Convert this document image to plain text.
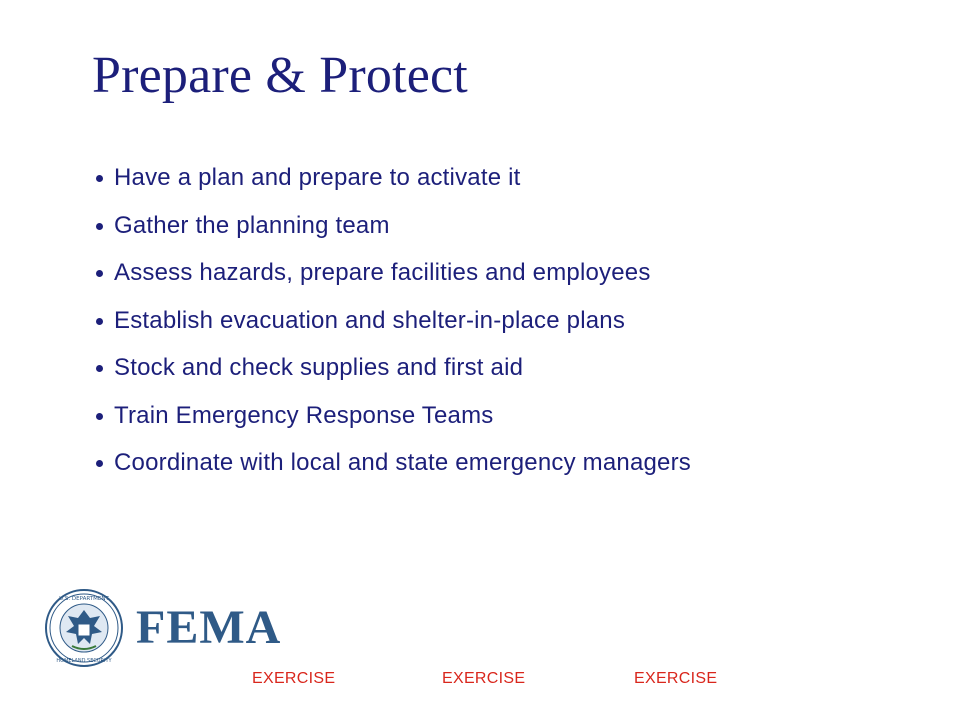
Prepare & Protect
Have a plan and prepare to activate it
Gather the planning team
Assess hazards, prepare facilities and employees
Establish evacuation and shelter-in-place plans
Stock and check supplies and first aid
Train Emergency Response Teams
Coordinate with local and state emergency managers
U.S. DEPARTMENT
HOMELAND SECURITY
FEMA
EXERCISE	EXERCISE	EXERCISE
